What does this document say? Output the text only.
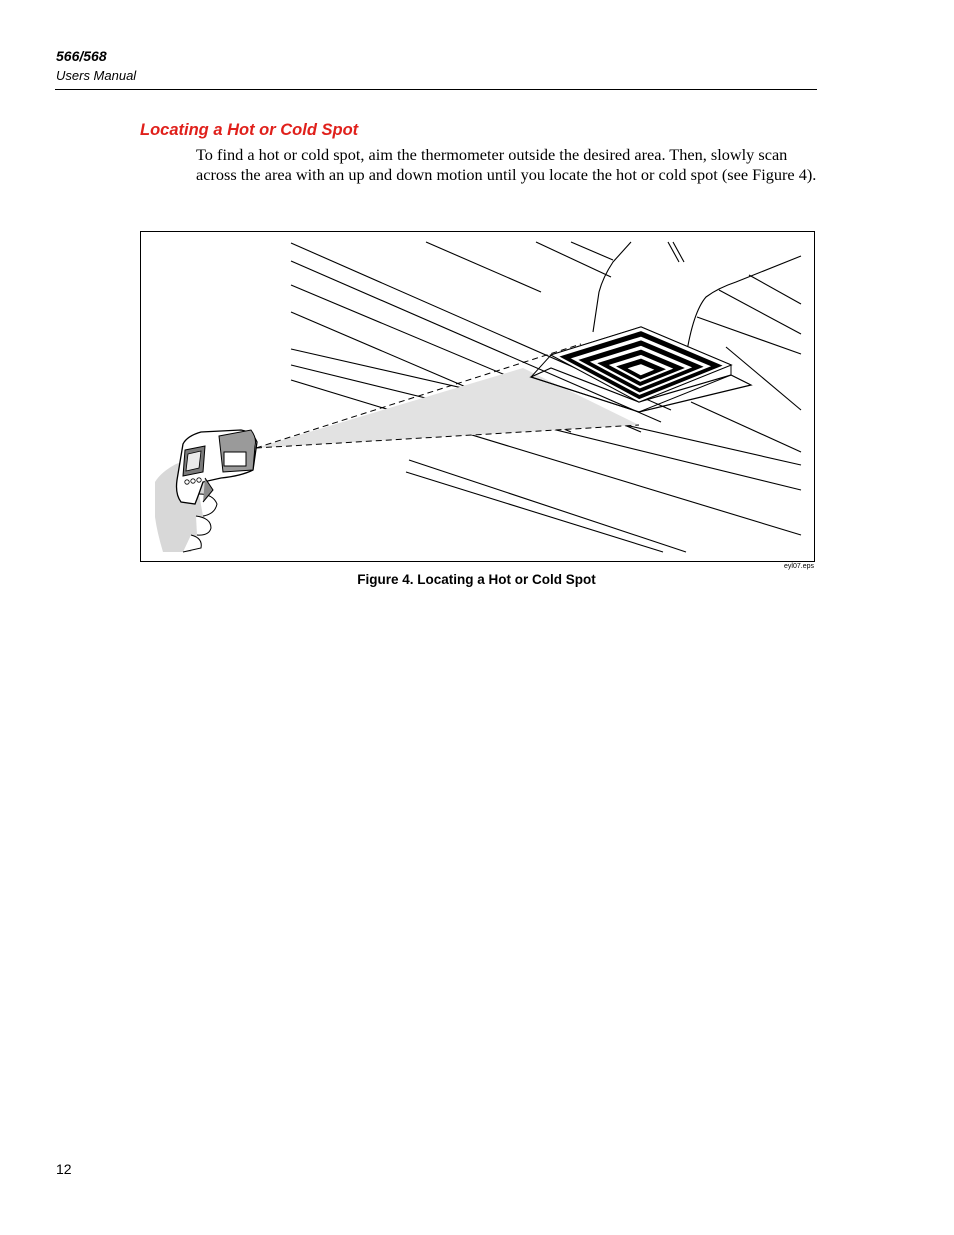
566/568
Users Manual
Locating a Hot or Cold Spot
To find a hot or cold spot, aim the thermometer outside the desired area. Then, slowly scan across the area with an up and down motion until you locate the hot or cold spot (see Figure 4).
eyl07.eps
Figure 4. Locating a Hot or Cold Spot
12
